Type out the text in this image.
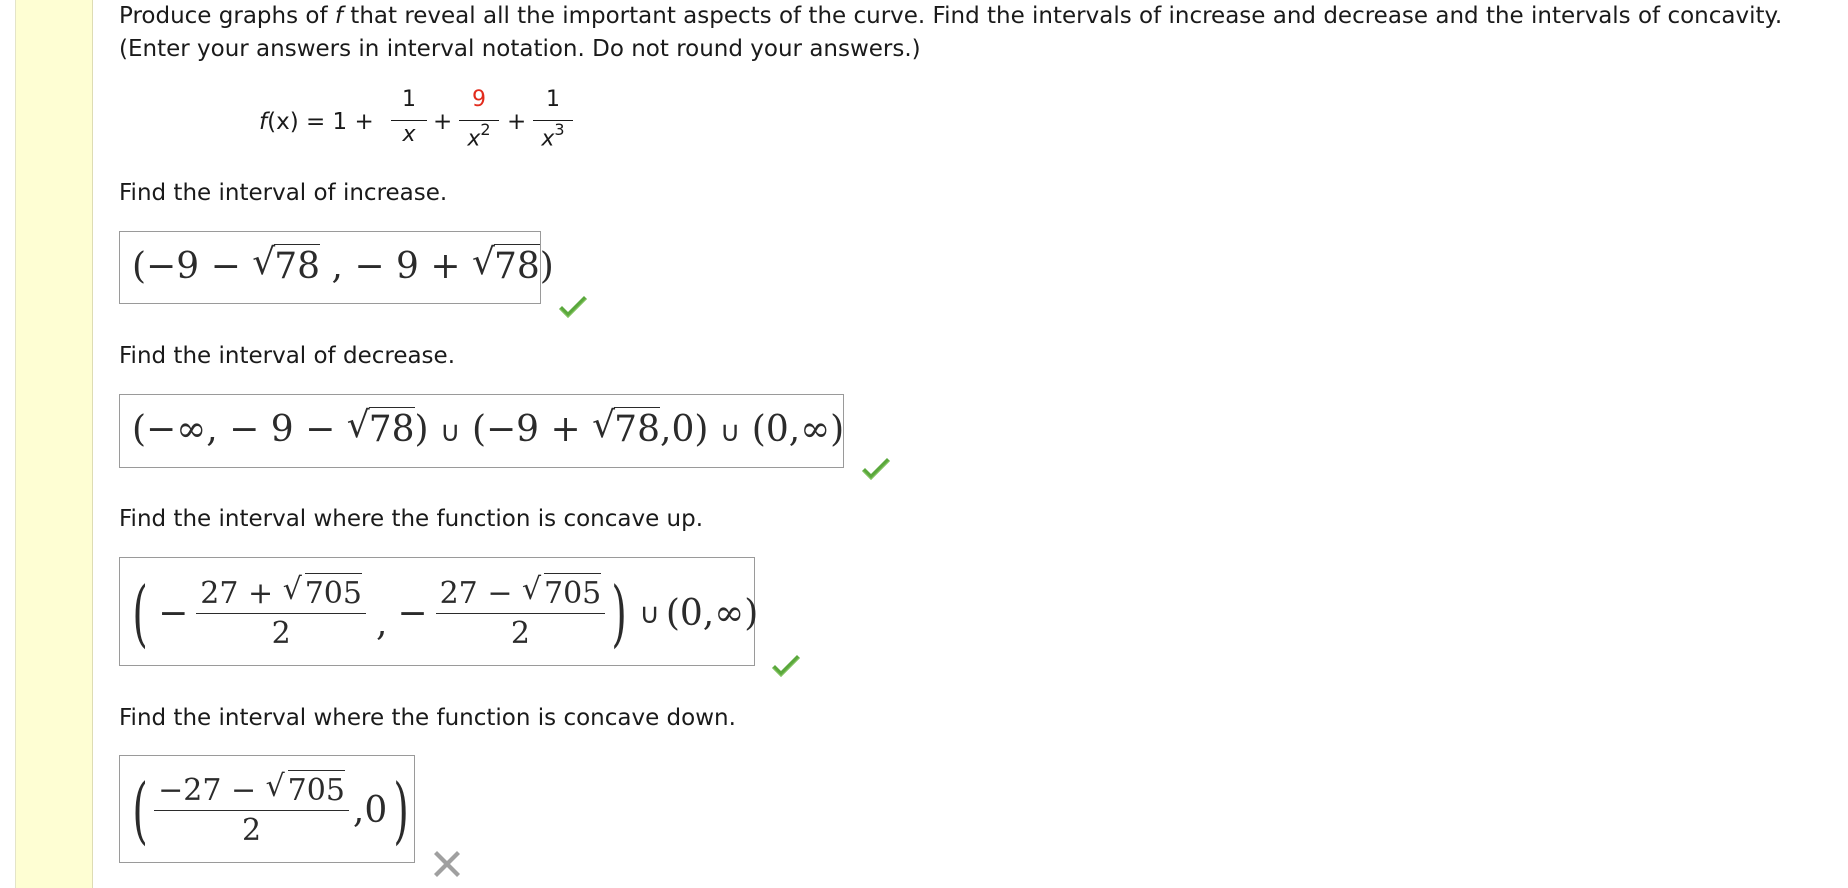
Produce graphs of f that reveal all the important aspects of the curve. Find the intervals of increase and decrease and the intervals of concavity.
(Enter your answers in interval notation. Do not round your answers.)
f(x) = 1 +
1
x +
9
$x^2$ +
1
$x^3$
Find the interval of increase.
(−9 − √ 78 , − 9 + √ 78)
Find the interval of decrease.
(−∞, − 9 − √ 78) ∪ (−9 + √ 78,0) ∪ (0,∞)
Find the interval where the function is concave up.
( − $\frac{27 + √ 705}{2}$ , − $\frac{27 - √ 705}{2}$ ) ∪ (0,∞)
Find the interval where the function is concave down.
( −27 − √ 705
2	, 0 )
